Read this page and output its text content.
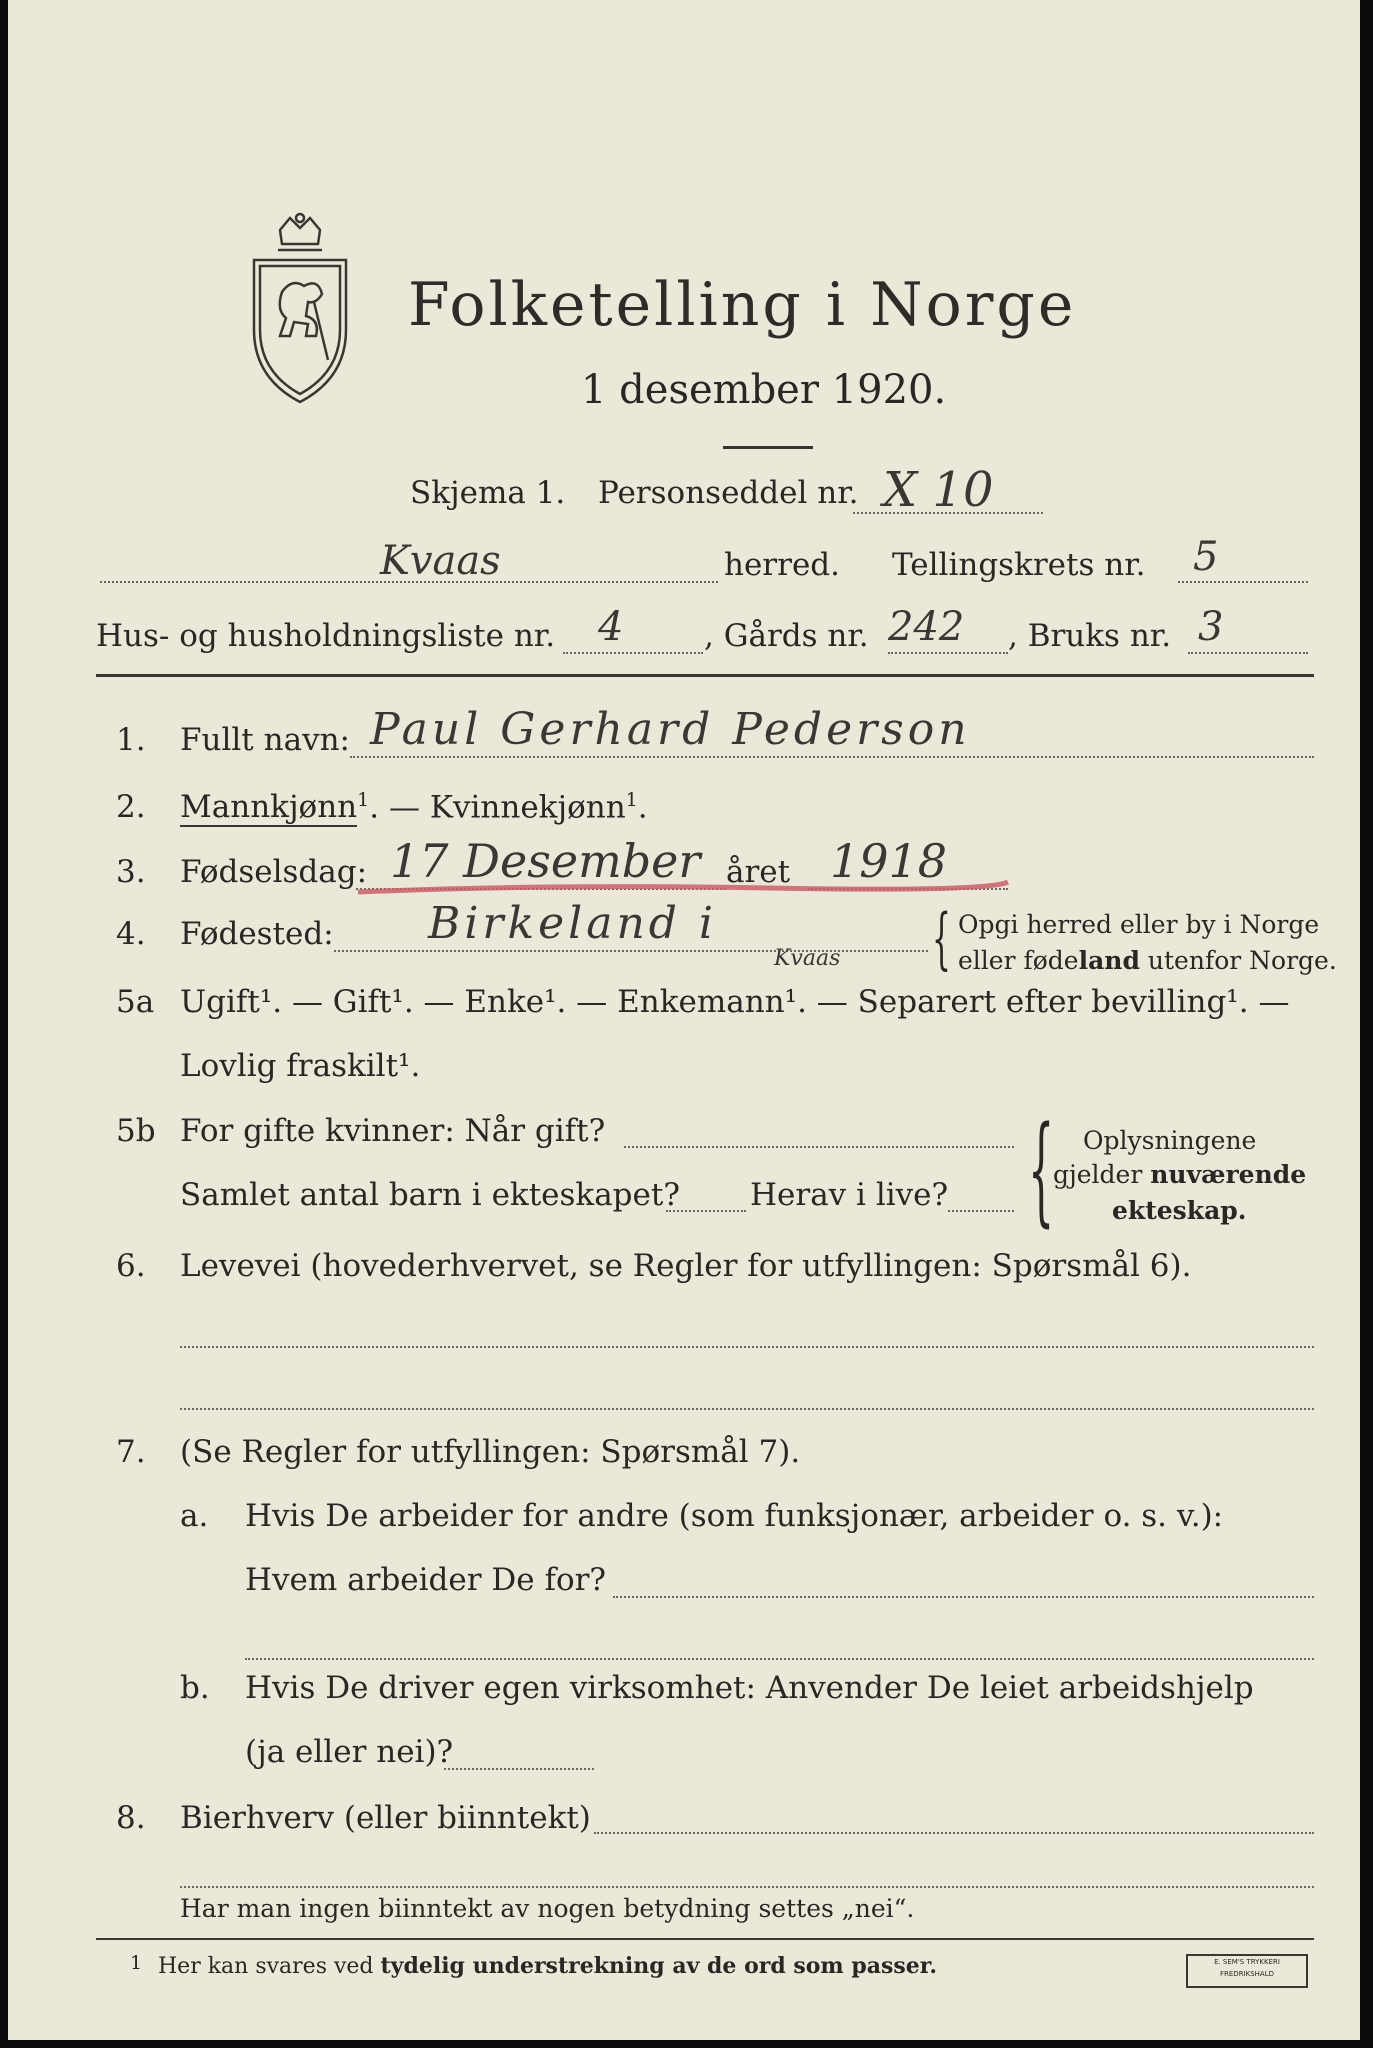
Folketelling i Norge
1 desember 1920.
Skjema 1. Personseddel nr. X 10
Kvaas	herred. Tellingskrets nr. 5
Hus- og husholdningsliste nr. 4	, Gårds nr. 242 , Bruks nr. 3
1. Fullt navn: Paul Gerhard Pederson
2. Mannkjønn$^1$. — Kvinnekjønn$^1$.
3. Fødselsdag: 17 Desember året 1918
4. Fødested: Birkeland i
Kvaas { Opgi herred eller by i Norge
eller fødeland utenfor Norge.
5a Ugift¹. — Gift¹. — Enke¹. — Enkemann¹. — Separert efter bevilling¹. —
Lovlig fraskilt¹.
5b For gifte kvinner: Når gift?
Samlet antal barn i ekteskapet? Herav i live? { Oplysningene
gjelder nuværende
ekteskap.
6. Levevei (hovederhvervet, se Regler for utfyllingen: Spørsmål 6).
7. (Se Regler for utfyllingen: Spørsmål 7).
a. Hvis De arbeider for andre (som funksjonær, arbeider o. s. v.):
Hvem arbeider De for?
b. Hvis De driver egen virksomhet: Anvender De leiet arbeidshjelp
(ja eller nei)?
8. Bierhverv (eller biinntekt)
Har man ingen biinntekt av nogen betydning settes „nei“.
1 Her kan svares ved tydelig understrekning av de ord som passer.	E. SEM'S TRYKKERI
FREDRIKSHALD
